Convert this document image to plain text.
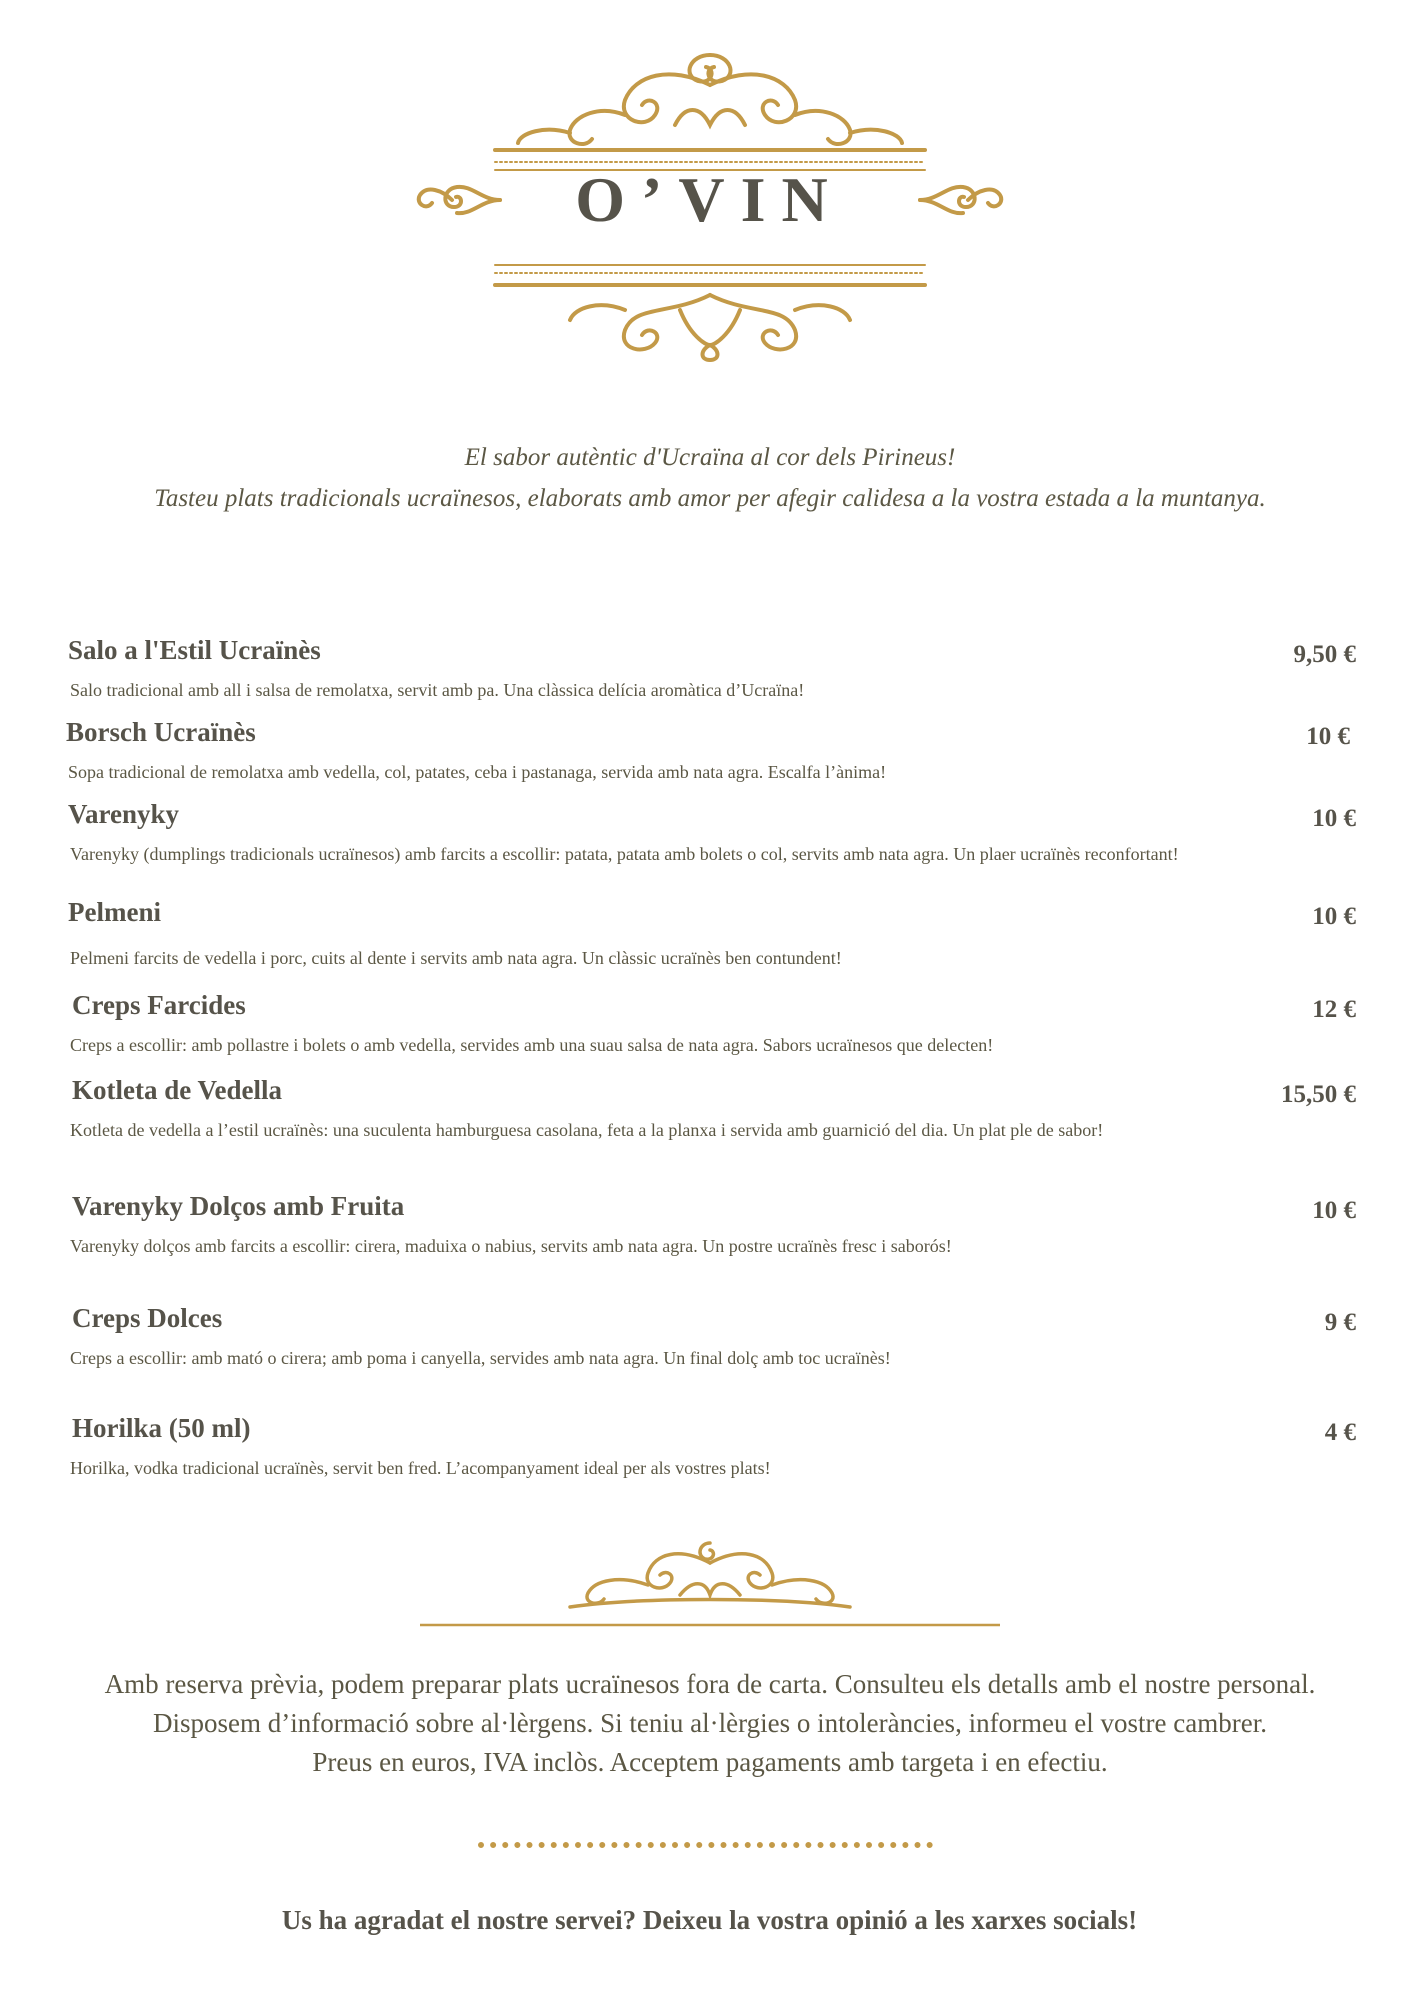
O’VIN
El sabor autèntic d'Ucraïna al cor dels Pirineus!
Tasteu plats tradicionals ucraïnesos, elaborats amb amor per afegir calidesa a la vostra estada a la muntanya.
Salo a l'Estil Ucraïnès	9,50 €
Salo tradicional amb all i salsa de remolatxa, servit amb pa. Una clàssica delícia aromàtica d’Ucraïna!
Borsch Ucraïnès	10 €
Sopa tradicional de remolatxa amb vedella, col, patates, ceba i pastanaga, servida amb nata agra. Escalfa l’ànima!
Varenyky	10 €
Varenyky (dumplings tradicionals ucraïnesos) amb farcits a escollir: patata, patata amb bolets o col, servits amb nata agra. Un plaer ucraïnès reconfortant!
Pelmeni	10 €
Pelmeni farcits de vedella i porc, cuits al dente i servits amb nata agra. Un clàssic ucraïnès ben contundent!
Creps Farcides	12 €
Creps a escollir: amb pollastre i bolets o amb vedella, servides amb una suau salsa de nata agra. Sabors ucraïnesos que delecten!
Kotleta de Vedella	15,50 €
Kotleta de vedella a l’estil ucraïnès: una suculenta hamburguesa casolana, feta a la planxa i servida amb guarnició del dia. Un plat ple de sabor!
Varenyky Dolços amb Fruita	10 €
Varenyky dolços amb farcits a escollir: cirera, maduixa o nabius, servits amb nata agra. Un postre ucraïnès fresc i saborós!
Creps Dolces	9 €
Creps a escollir: amb mató o cirera; amb poma i canyella, servides amb nata agra. Un final dolç amb toc ucraïnès!
Horilka (50 ml)	4 €
Horilka, vodka tradicional ucraïnès, servit ben fred. L’acompanyament ideal per als vostres plats!
Amb reserva prèvia, podem preparar plats ucraïnesos fora de carta. Consulteu els detalls amb el nostre personal.
Disposem d’informació sobre al·lèrgens. Si teniu al·lèrgies o intoleràncies, informeu el vostre cambrer.
Preus en euros, IVA inclòs. Acceptem pagaments amb targeta i en efectiu.
Us ha agradat el nostre servei? Deixeu la vostra opinió a les xarxes socials!
